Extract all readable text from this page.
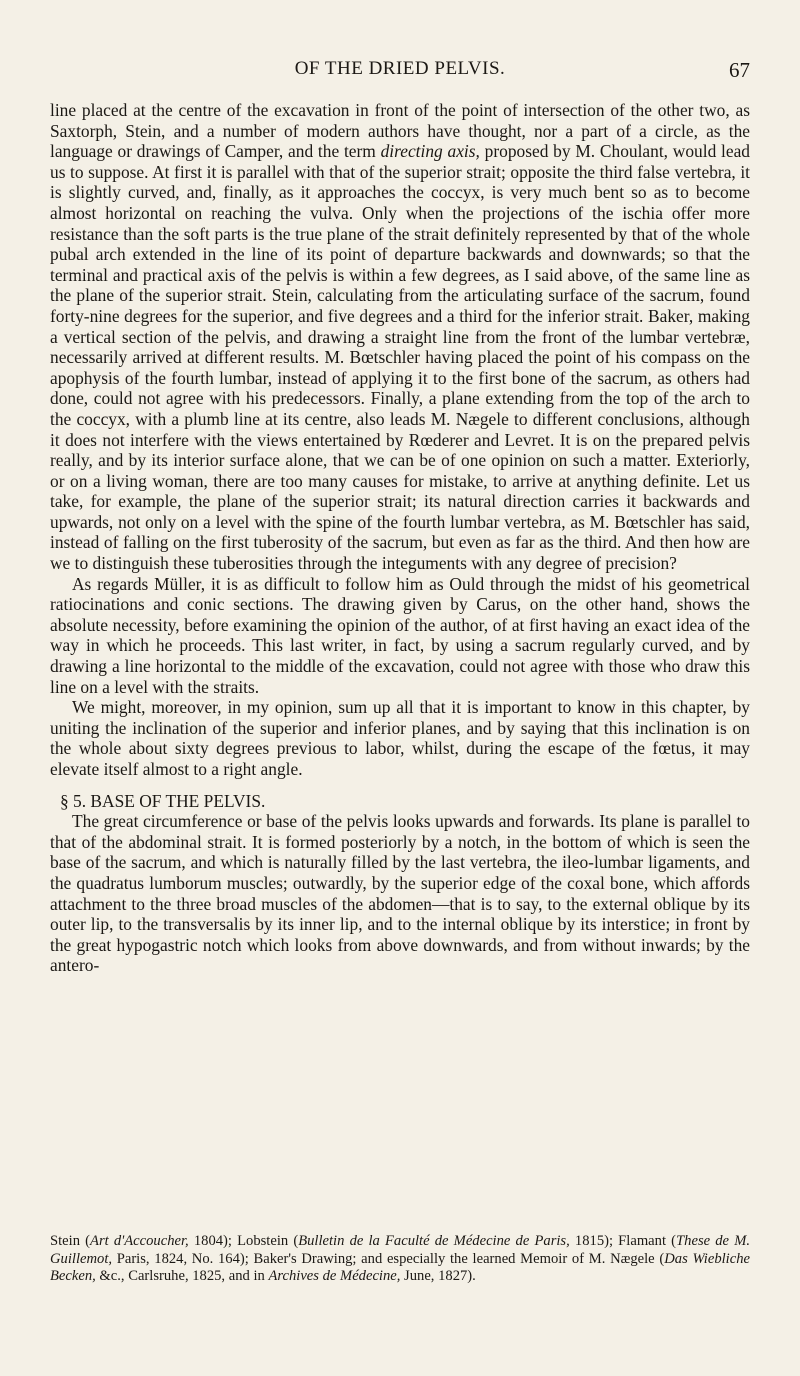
OF THE DRIED PELVIS.	67

line placed at the centre of the excavation in front of the point of intersection of the other two, as Saxtorph, Stein, and a number of modern authors have thought, nor a part of a circle, as the language or drawings of Camper, and the term directing axis, proposed by M. Choulant, would lead us to suppose. At first it is parallel with that of the superior strait; opposite the third false vertebra, it is slightly curved, and, finally, as it approaches the coccyx, is very much bent so as to become almost horizontal on reaching the vulva. Only when the projections of the ischia offer more resistance than the soft parts is the true plane of the strait definitely represented by that of the whole pubal arch extended in the line of its point of departure backwards and downwards; so that the terminal and practical axis of the pelvis is within a few degrees, as I said above, of the same line as the plane of the superior strait. Stein, calculating from the articulating surface of the sacrum, found forty-nine degrees for the superior, and five degrees and a third for the inferior strait. Baker, making a vertical section of the pelvis, and drawing a straight line from the front of the lumbar vertebræ, necessarily arrived at different results. M. Bœtschler having placed the point of his compass on the apophysis of the fourth lumbar, instead of applying it to the first bone of the sacrum, as others had done, could not agree with his predecessors. Finally, a plane extending from the top of the arch to the coccyx, with a plumb line at its centre, also leads M. Nægele to different conclusions, although it does not interfere with the views entertained by Rœderer and Levret. It is on the prepared pelvis really, and by its interior surface alone, that we can be of one opinion on such a matter. Exteriorly, or on a living woman, there are too many causes for mistake, to arrive at anything definite. Let us take, for example, the plane of the superior strait; its natural direction carries it backwards and upwards, not only on a level with the spine of the fourth lumbar vertebra, as M. Bœtschler has said, instead of falling on the first tuberosity of the sacrum, but even as far as the third. And then how are we to distinguish these tuberosities through the integuments with any degree of precision?

As regards Müller, it is as difficult to follow him as Ould through the midst of his geometrical ratiocinations and conic sections. The drawing given by Carus, on the other hand, shows the absolute necessity, before examining the opinion of the author, of at first having an exact idea of the way in which he proceeds. This last writer, in fact, by using a sacrum regularly curved, and by drawing a line horizontal to the middle of the excavation, could not agree with those who draw this line on a level with the straits.

We might, moreover, in my opinion, sum up all that it is important to know in this chapter, by uniting the inclination of the superior and inferior planes, and by saying that this inclination is on the whole about sixty degrees previous to labor, whilst, during the escape of the fœtus, it may elevate itself almost to a right angle.

§ 5. BASE OF THE PELVIS.

The great circumference or base of the pelvis looks upwards and forwards. Its plane is parallel to that of the abdominal strait. It is formed posteriorly by a notch, in the bottom of which is seen the base of the sacrum, and which is naturally filled by the last vertebra, the ileo-lumbar ligaments, and the quadratus lumborum muscles; outwardly, by the superior edge of the coxal bone, which affords attachment to the three broad muscles of the abdomen—that is to say, to the external oblique by its outer lip, to the transversalis by its inner lip, and to the internal oblique by its interstice; in front by the great hypogastric notch which looks from above downwards, and from without inwards; by the antero-

Stein (Art d'Accoucher, 1804); Lobstein (Bulletin de la Faculté de Médecine de Paris, 1815); Flamant (These de M. Guillemot, Paris, 1824, No. 164); Baker's Drawing; and especially the learned Memoir of M. Nægele (Das Wiebliche Becken, &c., Carlsruhe, 1825, and in Archives de Médecine, June, 1827).
